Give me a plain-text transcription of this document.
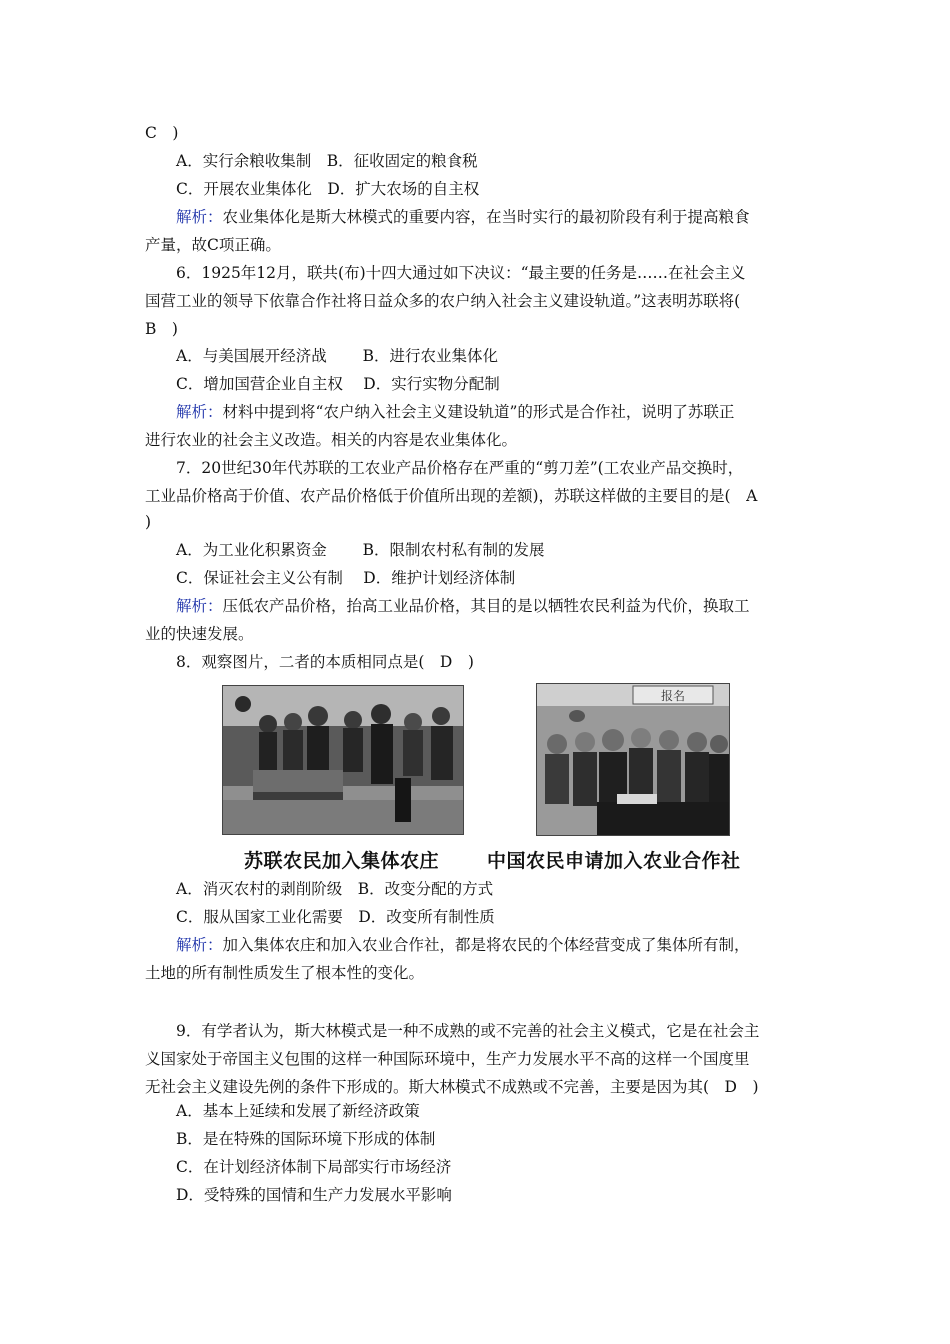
C　)
A．实行余粮收集制　B．征收固定的粮食税
C．开展农业集体化　D．扩大农场的自主权
解析：农业集体化是斯大林模式的重要内容，在当时实行的最初阶段有利于提高粮食
产量，故C项正确。
6．1925年12月，联共(布)十四大通过如下决议：“最主要的任务是……在社会主义
国营工业的领导下依靠合作社将日益众多的农户纳入社会主义建设轨道。”这表明苏联将(
B　)
A．与美国展开经济战　　 B．进行农业集体化
C．增加国营企业自主权　 D．实行实物分配制
解析：材料中提到将“农户纳入社会主义建设轨道”的形式是合作社，说明了苏联正
进行农业的社会主义改造。相关的内容是农业集体化。
7．20世纪30年代苏联的工农业产品价格存在严重的“剪刀差”(工农业产品交换时，
工业品价格高于价值、农产品价格低于价值所出现的差额)，苏联这样做的主要目的是(　A
)
A．为工业化积累资金　　 B．限制农村私有制的发展
C．保证社会主义公有制　 D．维护计划经济体制
解析：压低农产品价格，抬高工业品价格，其目的是以牺牲农民利益为代价，换取工
业的快速发展。
8．观察图片，二者的本质相同点是(　D　)
报名
苏联农民加入集体农庄	中国农民申请加入农业合作社
A．消灭农村的剥削阶级　B．改变分配的方式
C．服从国家工业化需要　D．改变所有制性质
解析：加入集体农庄和加入农业合作社，都是将农民的个体经营变成了集体所有制，
土地的所有制性质发生了根本性的变化。
9．有学者认为，斯大林模式是一种不成熟的或不完善的社会主义模式，它是在社会主
义国家处于帝国主义包围的这样一种国际环境中，生产力发展水平不高的这样一个国度里
无社会主义建设先例的条件下形成的。斯大林模式不成熟或不完善，主要是因为其(　D　)
A．基本上延续和发展了新经济政策
B．是在特殊的国际环境下形成的体制
C．在计划经济体制下局部实行市场经济
D．受特殊的国情和生产力发展水平影响
